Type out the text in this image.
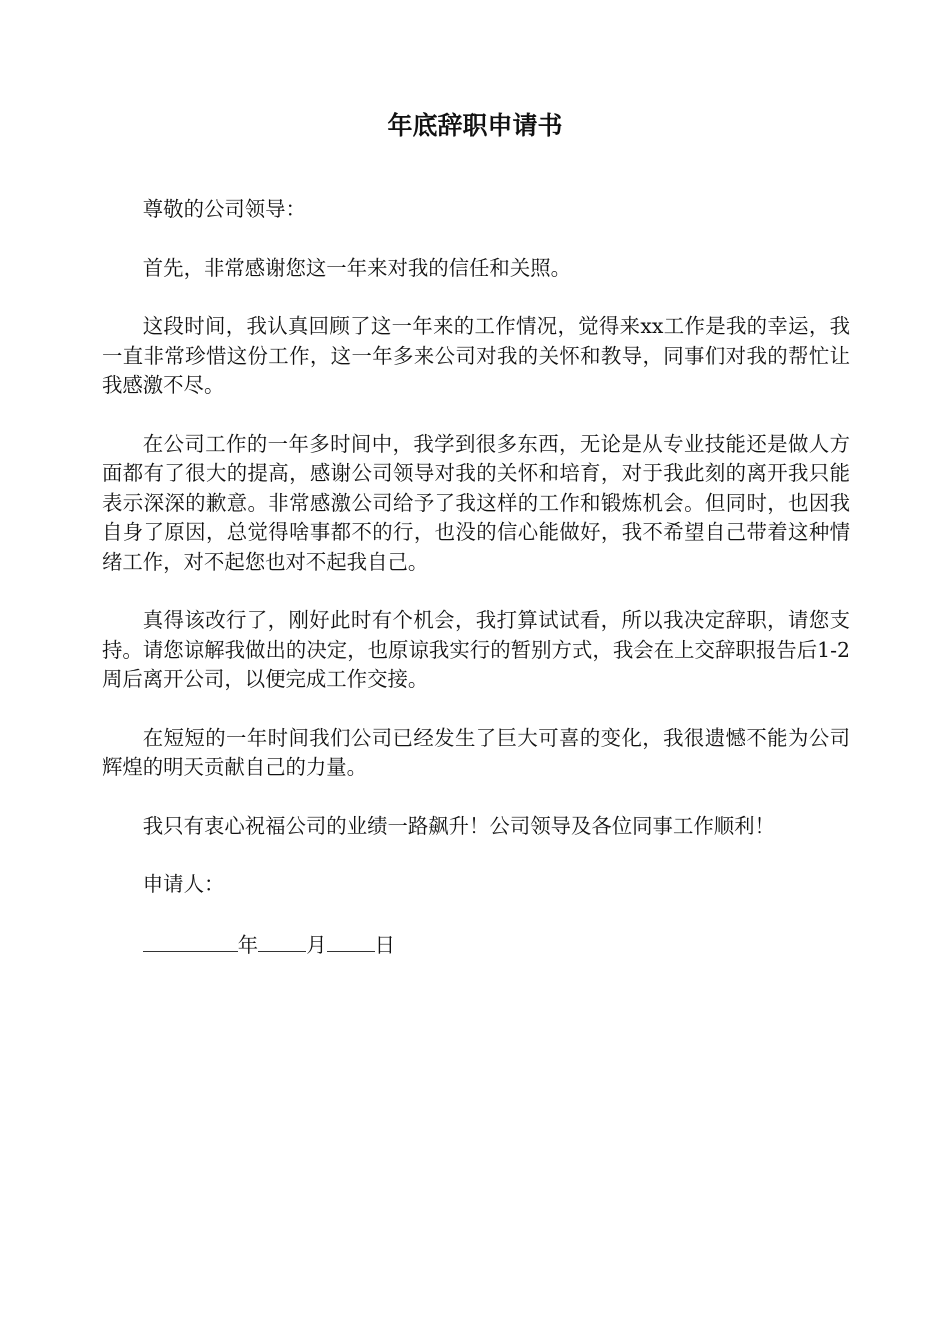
年底辞职申请书

尊敬的公司领导：

首先，非常感谢您这一年来对我的信任和关照。

这段时间，我认真回顾了这一年来的工作情况，觉得来xx工作是我的幸运，我一直非常珍惜这份工作，这一年多来公司对我的关怀和教导，同事们对我的帮忙让我感激不尽。

在公司工作的一年多时间中，我学到很多东西，无论是从专业技能还是做人方面都有了很大的提高，感谢公司领导对我的关怀和培育，对于我此刻的离开我只能表示深深的歉意。非常感激公司给予了我这样的工作和锻炼机会。但同时，也因我自身了原因，总觉得啥事都不的行，也没的信心能做好，我不希望自己带着这种情绪工作，对不起您也对不起我自己。

真得该改行了，刚好此时有个机会，我打算试试看，所以我决定辞职，请您支持。请您谅解我做出的决定，也原谅我实行的暂别方式，我会在上交辞职报告后1-2周后离开公司，以便完成工作交接。

在短短的一年时间我们公司已经发生了巨大可喜的变化，我很遗憾不能为公司辉煌的明天贡献自己的力量。

我只有衷心祝福公司的业绩一路飙升！公司领导及各位同事工作顺利！

申请人：

年 月 日
